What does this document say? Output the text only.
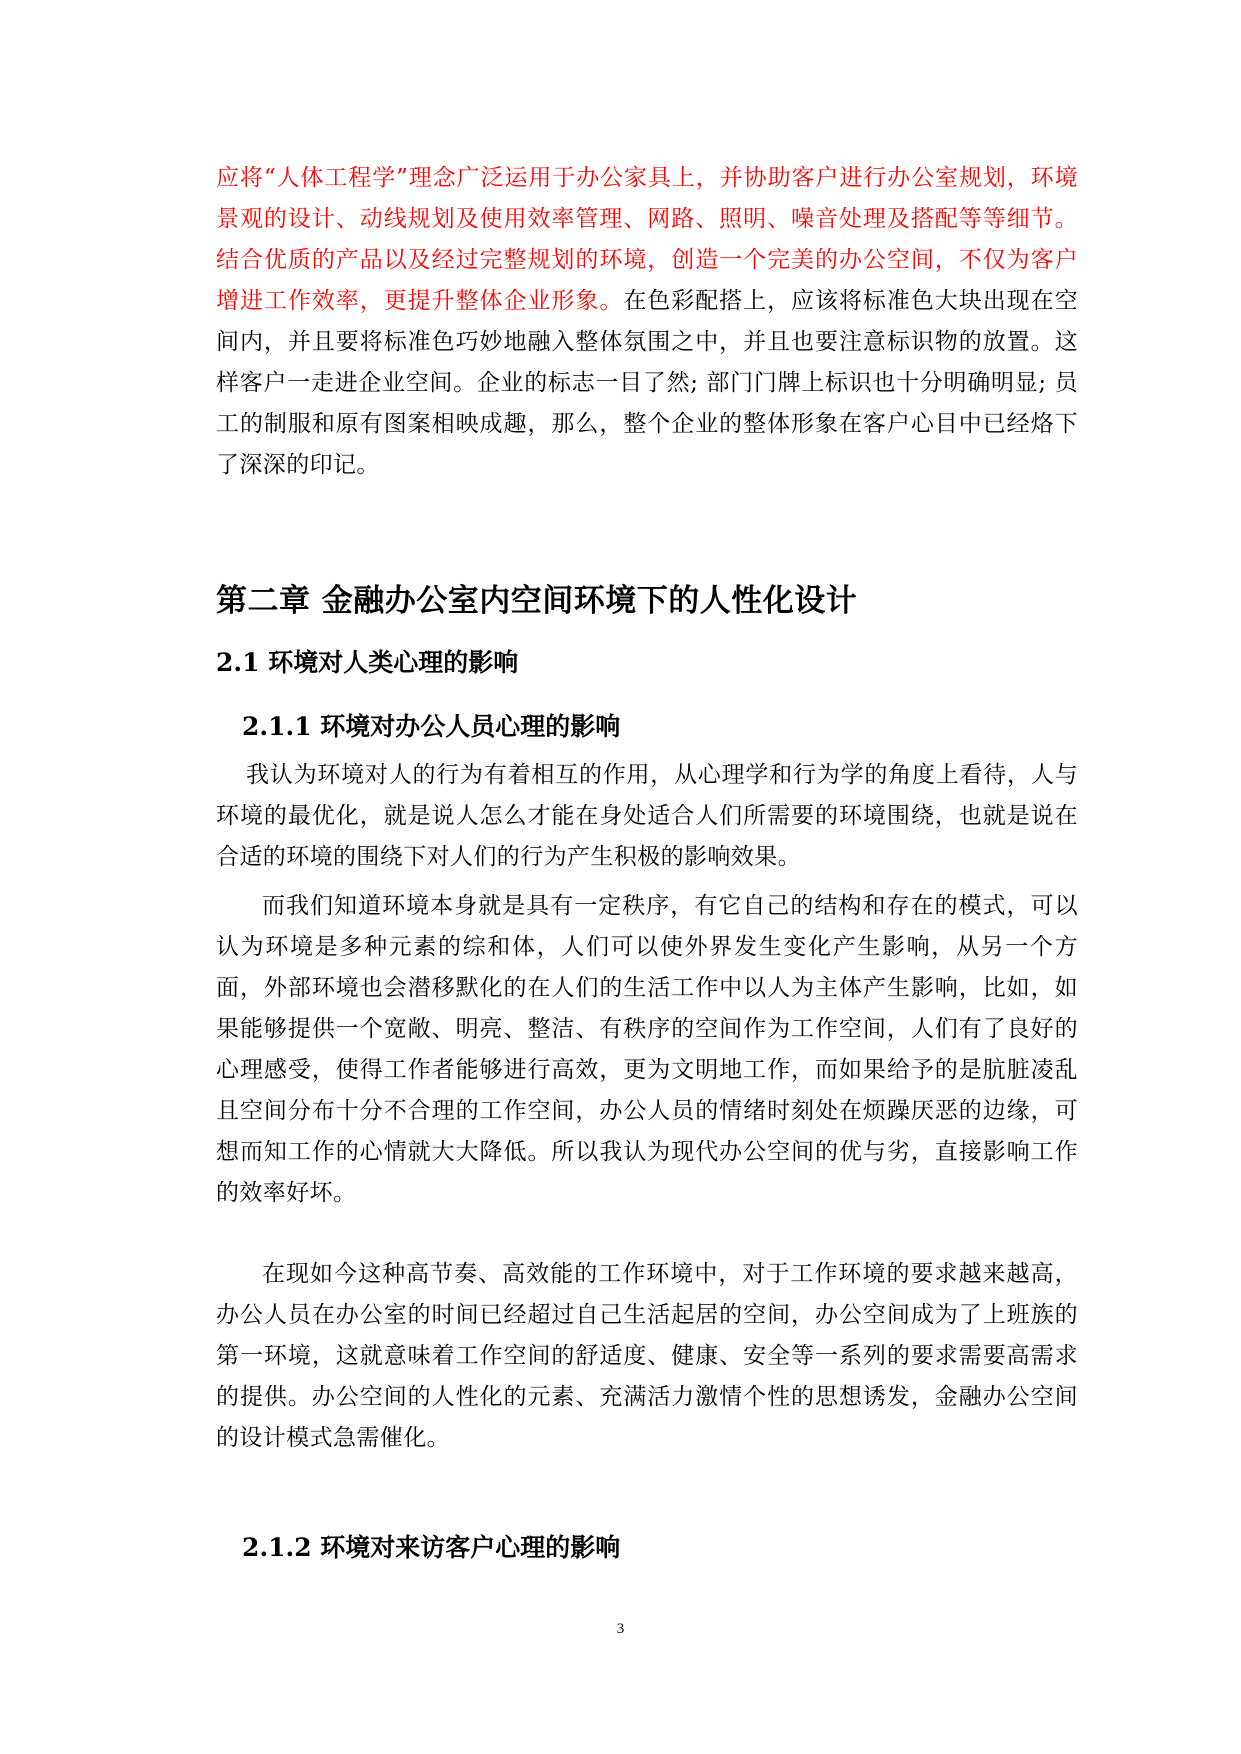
应将“人体工程学”理念广泛运用于办公家具上，并协助客户进行办公室规划，环境景观的设计、动线规划及使用效率管理、网路、照明、噪音处理及搭配等等细节。结合优质的产品以及经过完整规划的环境，创造一个完美的办公空间，不仅为客户增进工作效率，更提升整体企业形象。在色彩配搭上，应该将标准色大块出现在空间内，并且要将标准色巧妙地融入整体氛围之中，并且也要注意标识物的放置。这样客户一走进企业空间。企业的标志一目了然; 部门门牌上标识也十分明确明显; 员工的制服和原有图案相映成趣，那么，整个企业的整体形象在客户心目中已经烙下了深深的印记。

第二章 金融办公室内空间环境下的人性化设计
2.1 环境对人类心理的影响
2.1.1 环境对办公人员心理的影响

我认为环境对人的行为有着相互的作用，从心理学和行为学的角度上看待，人与环境的最优化，就是说人怎么才能在身处适合人们所需要的环境围绕，也就是说在合适的环境的围绕下对人们的行为产生积极的影响效果。

而我们知道环境本身就是具有一定秩序，有它自己的结构和存在的模式，可以认为环境是多种元素的综和体，人们可以使外界发生变化产生影响，从另一个方面，外部环境也会潜移默化的在人们的生活工作中以人为主体产生影响，比如，如果能够提供一个宽敞、明亮、整洁、有秩序的空间作为工作空间，人们有了良好的心理感受，使得工作者能够进行高效，更为文明地工作，而如果给予的是肮脏凌乱且空间分布十分不合理的工作空间，办公人员的情绪时刻处在烦躁厌恶的边缘，可想而知工作的心情就大大降低。所以我认为现代办公空间的优与劣，直接影响工作的效率好坏。

在现如今这种高节奏、高效能的工作环境中，对于工作环境的要求越来越高，办公人员在办公室的时间已经超过自己生活起居的空间，办公空间成为了上班族的第一环境，这就意味着工作空间的舒适度、健康、安全等一系列的要求需要高需求的提供。办公空间的人性化的元素、充满活力激情个性的思想诱发，金融办公空间的设计模式急需催化。

2.1.2 环境对来访客户心理的影响
3
